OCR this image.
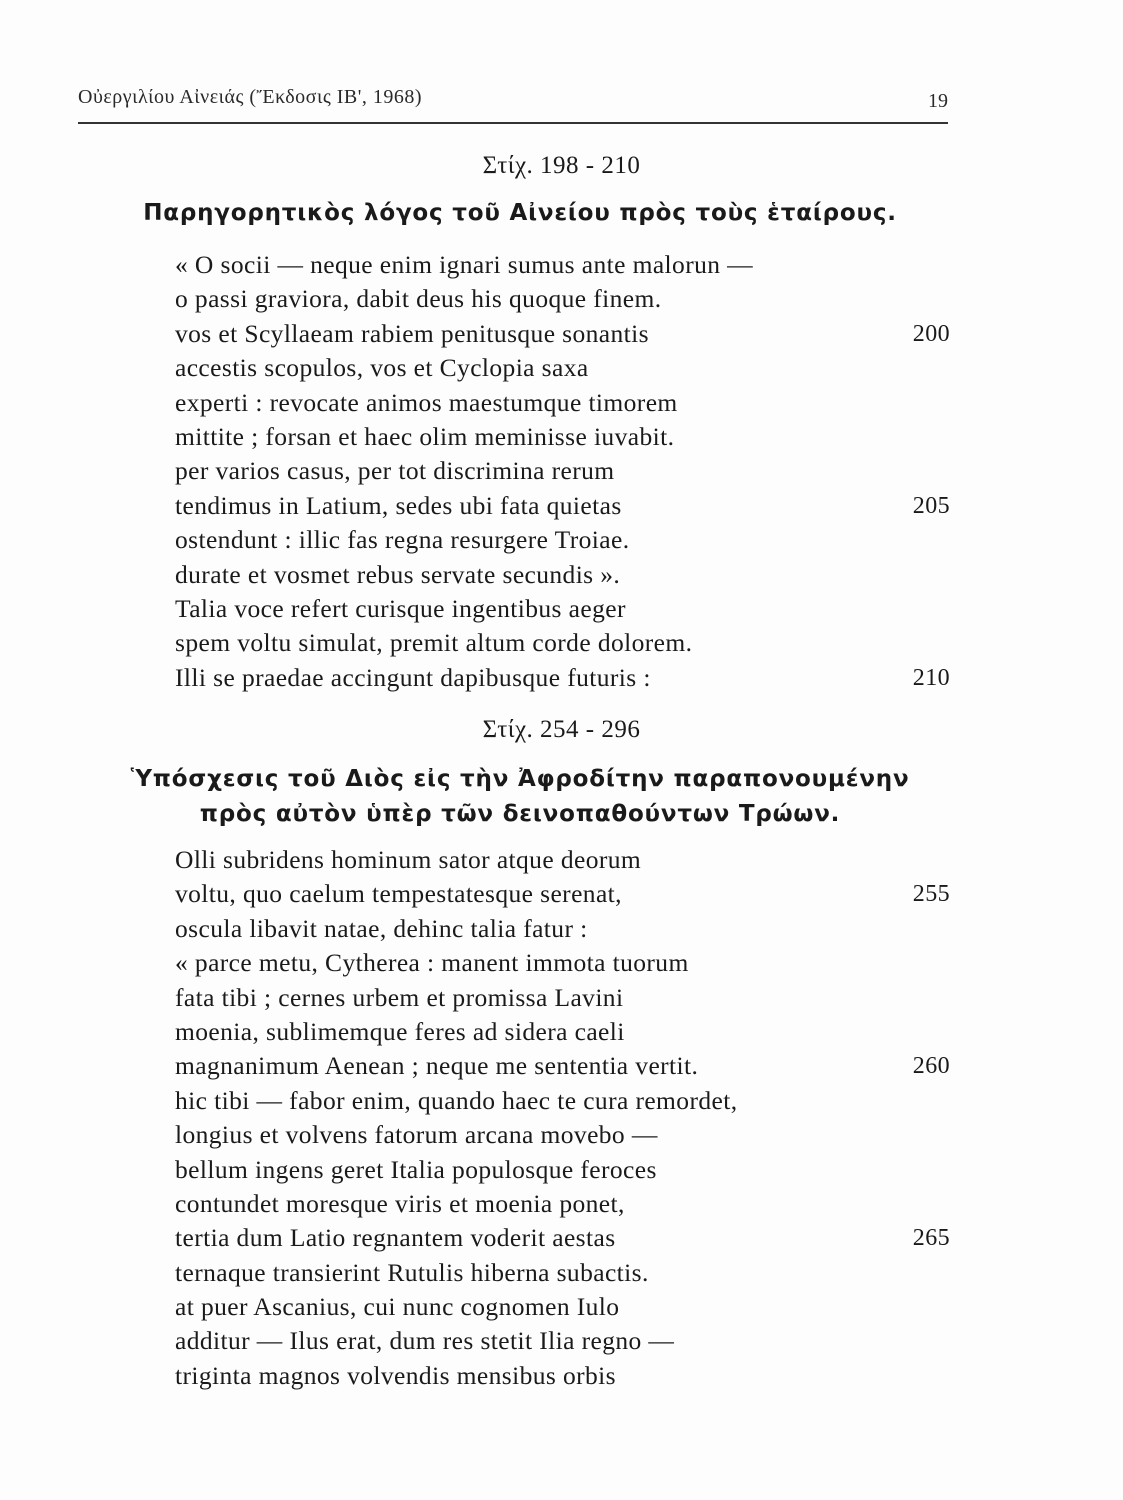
Οὐεργιλίου Αἰνειάς (Ἔκδοσις ΙΒ', 1968)	19
Στίχ. 198 - 210
Παρηγορητικὸς λόγος τοῦ Αἰνείου πρὸς τοὺς ἑταίρους.
« O socii — neque enim ignari sumus ante malorun —
o passi graviora, dabit deus his quoque finem.
vos et Scyllaeam rabiem penitusque sonantis	200
accestis scopulos, vos et Cyclopia saxa
experti : revocate animos maestumque timorem
mittite ; forsan et haec olim meminisse iuvabit.
per varios casus, per tot discrimina rerum
tendimus in Latium, sedes ubi fata quietas	205
ostendunt : illic fas regna resurgere Troiae.
durate et vosmet rebus servate secundis ».
Talia voce refert curisque ingentibus aeger
spem voltu simulat, premit altum corde dolorem.
Illi se praedae accingunt dapibusque futuris :	210
Στίχ. 254 - 296
Ὑπόσχεσις τοῦ Διὸς εἰς τὴν Ἀφροδίτην παραπονουμένην
πρὸς αὐτὸν ὑπὲρ τῶν δεινοπαθούντων Τρώων.
Olli subridens hominum sator atque deorum
voltu, quo caelum tempestatesque serenat,	255
oscula libavit natae, dehinc talia fatur :
« parce metu, Cytherea : manent immota tuorum
fata tibi ; cernes urbem et promissa Lavini
moenia, sublimemque feres ad sidera caeli
magnanimum Aenean ; neque me sententia vertit.	260
hic tibi — fabor enim, quando haec te cura remordet,
longius et volvens fatorum arcana movebo —
bellum ingens geret Italia populosque feroces
contundet moresque viris et moenia ponet,
tertia dum Latio regnantem voderit aestas	265
ternaque transierint Rutulis hiberna subactis.
at puer Ascanius, cui nunc cognomen Iulo
additur — Ilus erat, dum res stetit Ilia regno —
triginta magnos volvendis mensibus orbis
